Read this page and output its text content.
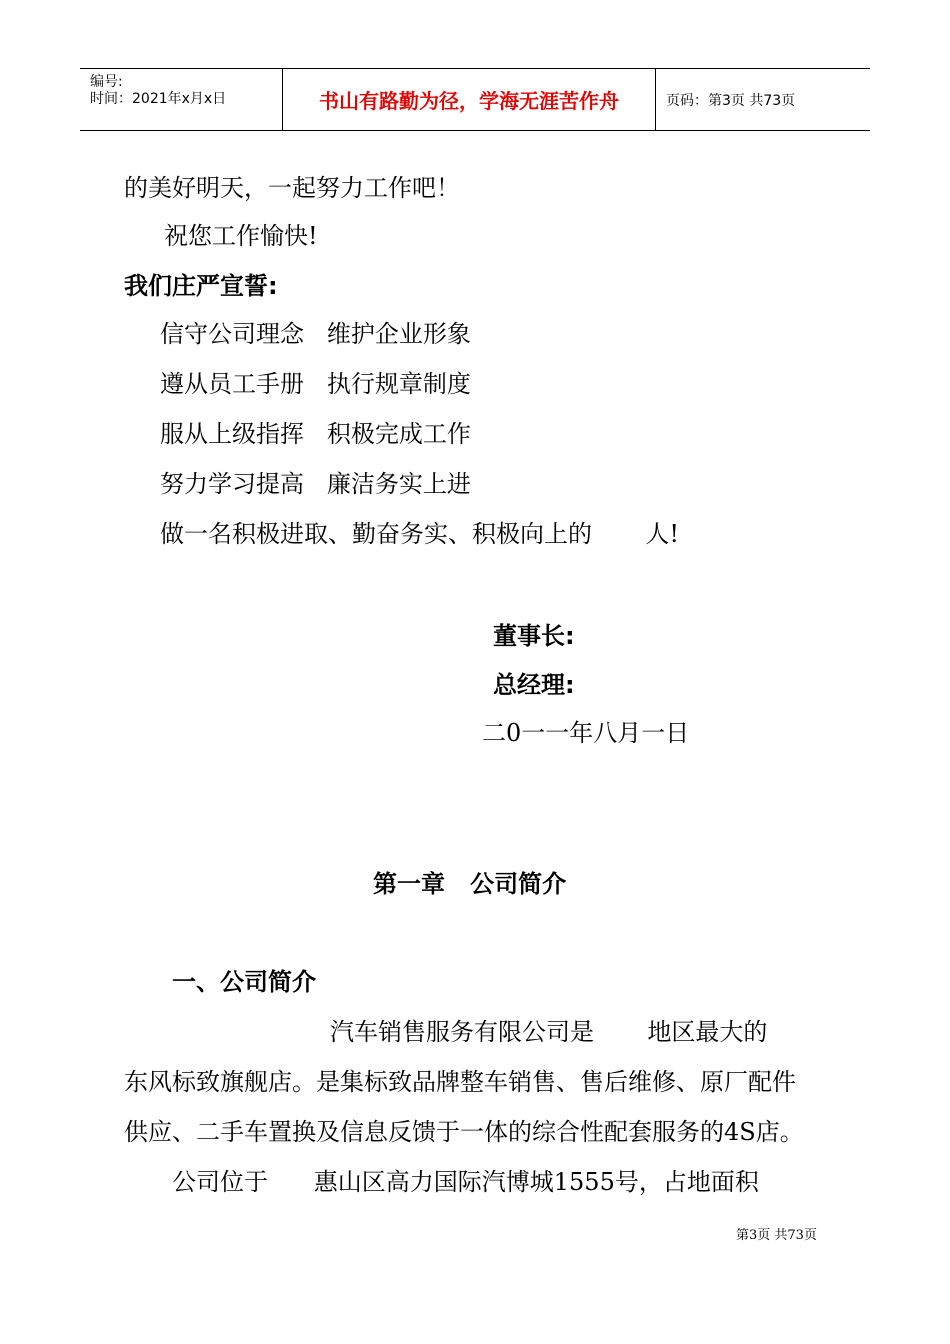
编号:
时间：2021年x月x日	书山有路勤为径，学海无涯苦作舟	页码：第3页 共73页
的美好明天，一起努力工作吧！
祝您工作愉快!
我们庄严宣誓:
信守公司理念   维护企业形象
遵从员工手册   执行规章制度
服从上级指挥   积极完成工作
努力学习提高   廉洁务实上进
做一名积极进取、勤奋务实、积极向上的       人!
董事长:
总经理:
二0一一年八月一日
第一章   公司简介
一、公司简介
汽车销售服务有限公司是       地区最大的
东风标致旗舰店。是集标致品牌整车销售、售后维修、原厂配件
供应、二手车置换及信息反馈于一体的综合性配套服务的4S店。
公司位于      惠山区高力国际汽博城1555号，占地面积
第3页 共73页
